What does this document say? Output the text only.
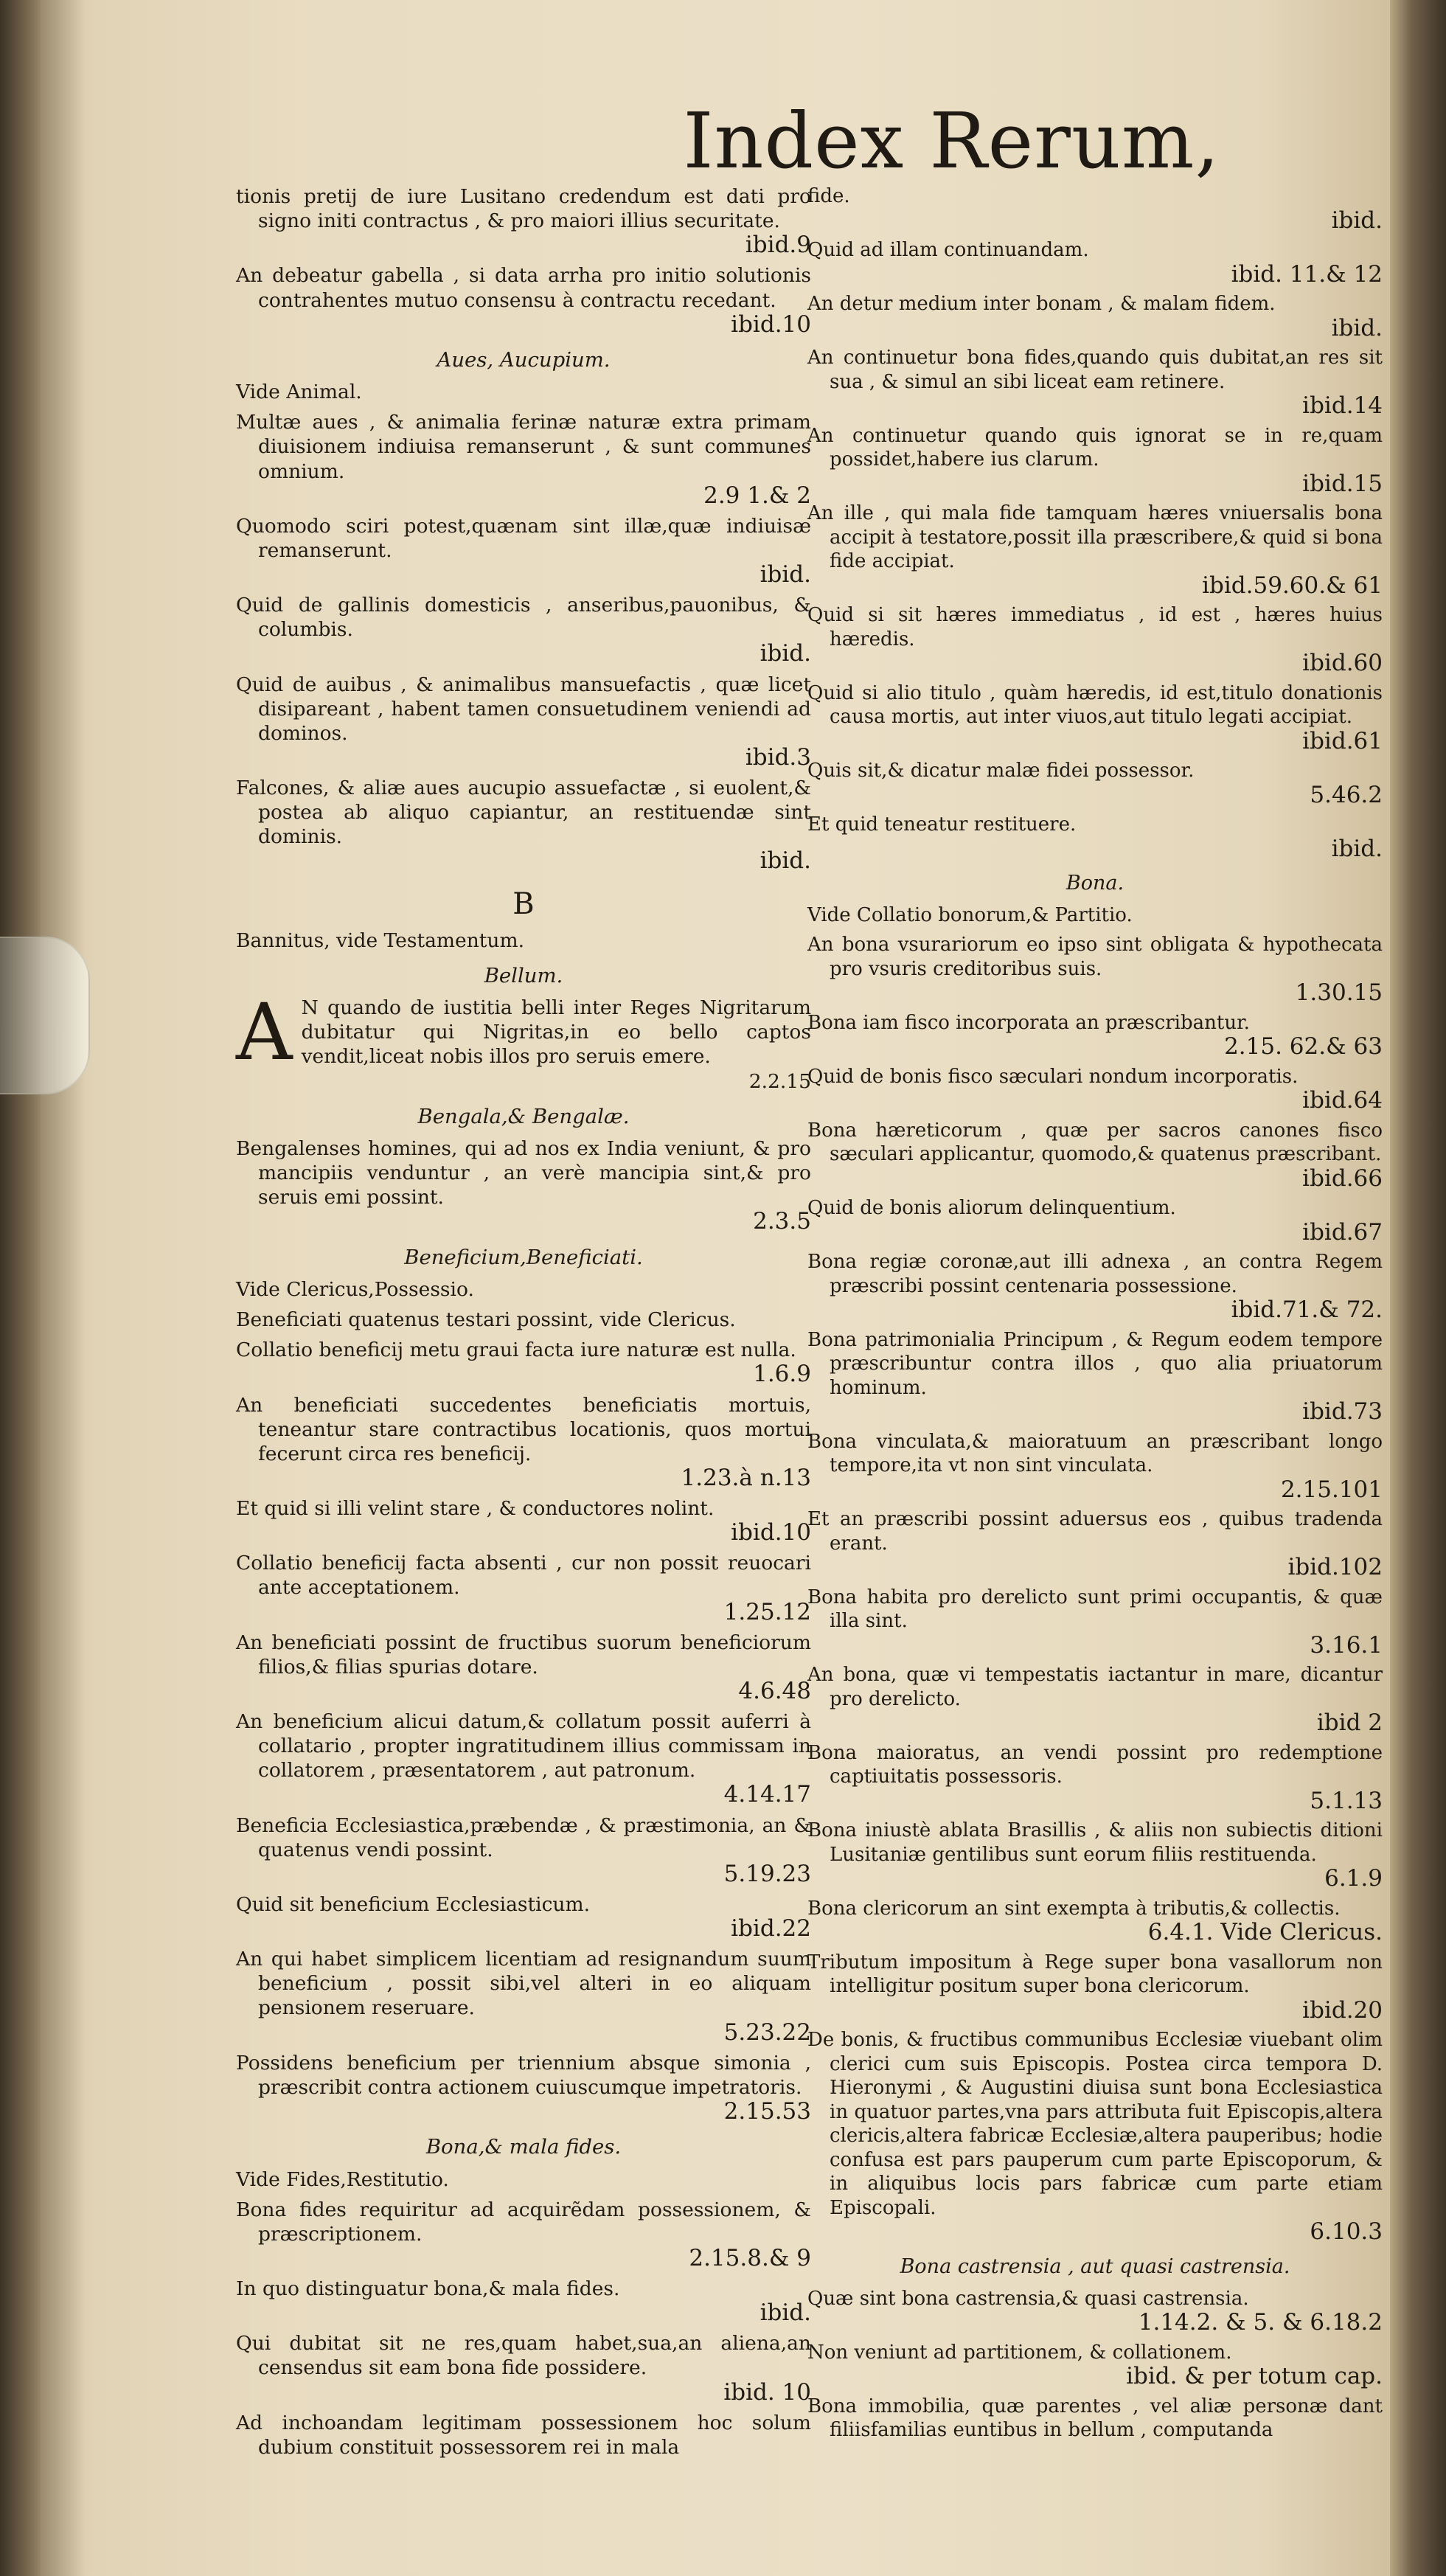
Index Rerum,
tionis pretij de iure Lusitano credendum est dati pro signo initi contractus , & pro maiori illius securitate.
ibid.9
An debeatur gabella , si data arrha pro initio solutionis contrahentes mutuo consensu à contractu recedant.
ibid.10
Aues, Aucupium.
Vide Animal.
Multæ aues , & animalia ferinæ naturæ extra primam diuisionem indiuisa remanserunt , & sunt communes omnium.
2.9 1.& 2
Quomodo sciri potest,quænam sint illæ,quæ indiuisæ remanserunt.
ibid.
Quid de gallinis domesticis , anseribus,pauonibus, & columbis.
ibid.
Quid de auibus , & animalibus mansuefactis , quæ licet disipareant , habent tamen consuetudinem veniendi ad dominos.
ibid.3
Falcones, & aliæ aues aucupio assuefactæ , si euolent,& postea ab aliquo capiantur, an restituendæ sint dominis.
ibid.
B
Bannitus, vide Testamentum.
Bellum.
A N quando de iustitia belli inter Reges Nigritarum dubitatur qui Nigritas,in eo bello captos vendit,liceat nobis illos pro seruis emere.
2.2.15
Bengala,& Bengalæ.
Bengalenses homines, qui ad nos ex India veniunt, & pro mancipiis venduntur , an verè mancipia sint,& pro seruis emi possint.
2.3.5
Beneficium,Beneficiati.
Vide Clericus,Possessio.
Beneficiati quatenus testari possint, vide Clericus.
Collatio beneficij metu graui facta iure naturæ est nulla.
1.6.9
An beneficiati succedentes beneficiatis mortuis, teneantur stare contractibus locationis, quos mortui fecerunt circa res beneficij.
1.23.à n.13
Et quid si illi velint stare , & conductores nolint.
ibid.10
Collatio beneficij facta absenti , cur non possit reuocari ante acceptationem.
1.25.12
An beneficiati possint de fructibus suorum beneficiorum filios,& filias spurias dotare.
4.6.48
An beneficium alicui datum,& collatum possit auferri à collatario , propter ingratitudinem illius commissam in collatorem , præsentatorem , aut patronum.
4.14.17
Beneficia Ecclesiastica,præbendæ , & præstimonia, an & quatenus vendi possint.
5.19.23
Quid sit beneficium Ecclesiasticum.
ibid.22
An qui habet simplicem licentiam ad resignandum suum beneficium , possit sibi,vel alteri in eo aliquam pensionem reseruare.
5.23.22
Possidens beneficium per triennium absque simonia , præscribit contra actionem cuiuscumque impetratoris.
2.15.53
Bona,& mala fides.
Vide Fides,Restitutio.
Bona fides requiritur ad acquirẽdam possessionem, & præscriptionem.
2.15.8.& 9
In quo distinguatur bona,& mala fides.
ibid.
Qui dubitat sit ne res,quam habet,sua,an aliena,an censendus sit eam bona fide possidere.
ibid. 10
Ad inchoandam legitimam possessionem hoc solum dubium constituit possessorem rei in mala
fide.
ibid.
Quid ad illam continuandam.
ibid. 11.& 12
An detur medium inter bonam , & malam fidem.
ibid.
An continuetur bona fides,quando quis dubitat,an res sit sua , & simul an sibi liceat eam retinere.
ibid.14
An continuetur quando quis ignorat se in re,quam possidet,habere ius clarum.
ibid.15
An ille , qui mala fide tamquam hæres vniuersalis bona accipit à testatore,possit illa præscribere,& quid si bona fide accipiat.
ibid.59.60.& 61
Quid si sit hæres immediatus , id est , hæres huius hæredis.
ibid.60
Quid si alio titulo , quàm hæredis, id est,titulo donationis causa mortis, aut inter viuos,aut titulo legati accipiat.
ibid.61
Quis sit,& dicatur malæ fidei possessor.
5.46.2
Et quid teneatur restituere.
ibid.
Bona.
Vide Collatio bonorum,& Partitio.
An bona vsurariorum eo ipso sint obligata & hypothecata pro vsuris creditoribus suis.
1.30.15
Bona iam fisco incorporata an præscribantur.
2.15. 62.& 63
Quid de bonis fisco sæculari nondum incorporatis.
ibid.64
Bona hæreticorum , quæ per sacros canones fisco sæculari applicantur, quomodo,& quatenus præscribant.
ibid.66
Quid de bonis aliorum delinquentium.
ibid.67
Bona regiæ coronæ,aut illi adnexa , an contra Regem præscribi possint centenaria possessione.
ibid.71.& 72.
Bona patrimonialia Principum , & Regum eodem tempore præscribuntur contra illos , quo alia priuatorum hominum.
ibid.73
Bona vinculata,& maioratuum an præscribant longo tempore,ita vt non sint vinculata.
2.15.101
Et an præscribi possint aduersus eos , quibus tradenda erant.
ibid.102
Bona habita pro derelicto sunt primi occupantis, & quæ illa sint.
3.16.1
An bona, quæ vi tempestatis iactantur in mare, dicantur pro derelicto.
ibid 2
Bona maioratus, an vendi possint pro redemptione captiuitatis possessoris.
5.1.13
Bona iniustè ablata Brasillis , & aliis non subiectis ditioni Lusitaniæ gentilibus sunt eorum filiis restituenda.
6.1.9
Bona clericorum an sint exempta à tributis,& collectis.
6.4.1. Vide Clericus.
Tributum impositum à Rege super bona vasallorum non intelligitur positum super bona clericorum.
ibid.20
De bonis, & fructibus communibus Ecclesiæ viuebant olim clerici cum suis Episcopis. Postea circa tempora D. Hieronymi , & Augustini diuisa sunt bona Ecclesiastica in quatuor partes,vna pars attributa fuit Episcopis,altera clericis,altera fabricæ Ecclesiæ,altera pauperibus; hodie confusa est pars pauperum cum parte Episcoporum, & in aliquibus locis pars fabricæ cum parte etiam Episcopali.
6.10.3
Bona castrensia , aut quasi castrensia.
Quæ sint bona castrensia,& quasi castrensia.
1.14.2. & 5. & 6.18.2
Non veniunt ad partitionem, & collationem.
ibid. & per totum cap.
Bona immobilia, quæ parentes , vel aliæ personæ dant filiisfamilias euntibus in bellum , computanda
